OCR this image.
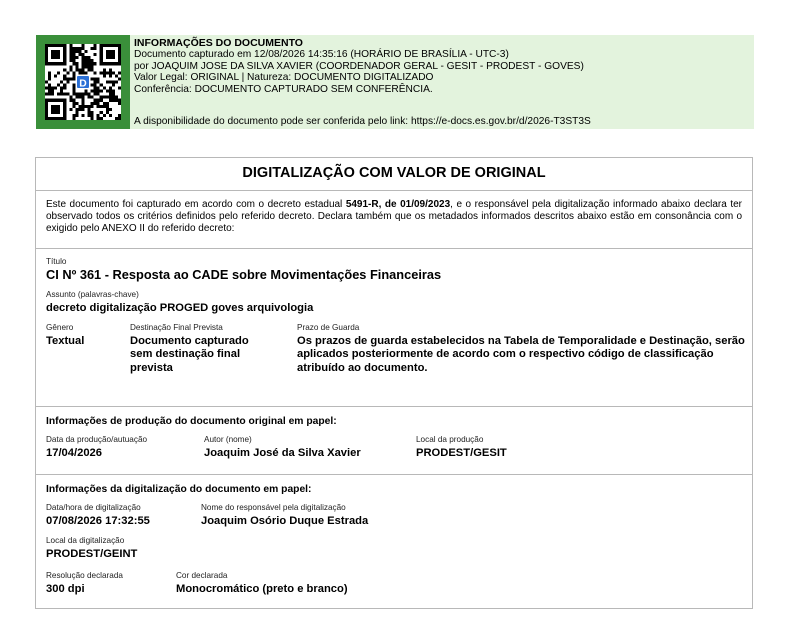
D
INFORMAÇÕES DO DOCUMENTO
Documento capturado em 12/08/2026 14:35:16 (HORÁRIO DE BRASÍLIA - UTC-3)
por JOAQUIM JOSE DA SILVA XAVIER (COORDENADOR GERAL - GESIT - PRODEST - GOVES)
Valor Legal: ORIGINAL | Natureza: DOCUMENTO DIGITALIZADO
Conferência: DOCUMENTO CAPTURADO SEM CONFERÊNCIA.
A disponibilidade do documento pode ser conferida pelo link: https://e-docs.es.gov.br/d/2026-T3ST3S
DIGITALIZAÇÃO COM VALOR DE ORIGINAL
Este documento foi capturado em acordo com o decreto estadual 5491-R, de 01/09/2023, e o responsável pela digitalização informado abaixo declara ter observado todos os critérios definidos pelo referido decreto. Declara também que os metadados informados descritos abaixo estão em consonância com o exigido pelo ANEXO II do referido decreto:
Título
CI Nº 361 - Resposta ao CADE sobre Movimentações Financeiras
Assunto (palavras-chave)
decreto digitalização PROGED goves arquivologia
Gênero
Textual
Destinação Final Prevista
Documento capturado sem destinação final prevista
Prazo de Guarda
Os prazos de guarda estabelecidos na Tabela de Temporalidade e Destinação, serão aplicados posteriormente de acordo com o respectivo código de classificação atribuído ao documento.
Informações de produção do documento original em papel:
Data da produção/autuação
17/04/2026
Autor (nome)
Joaquim José da Silva Xavier
Local da produção
PRODEST/GESIT
Informações da digitalização do documento em papel:
Data/hora de digitalização
07/08/2026 17:32:55
Nome do responsável pela digitalização
Joaquim Osório Duque Estrada
Local da digitalização
PRODEST/GEINT
Resolução declarada
300 dpi
Cor declarada
Monocromático (preto e branco)
